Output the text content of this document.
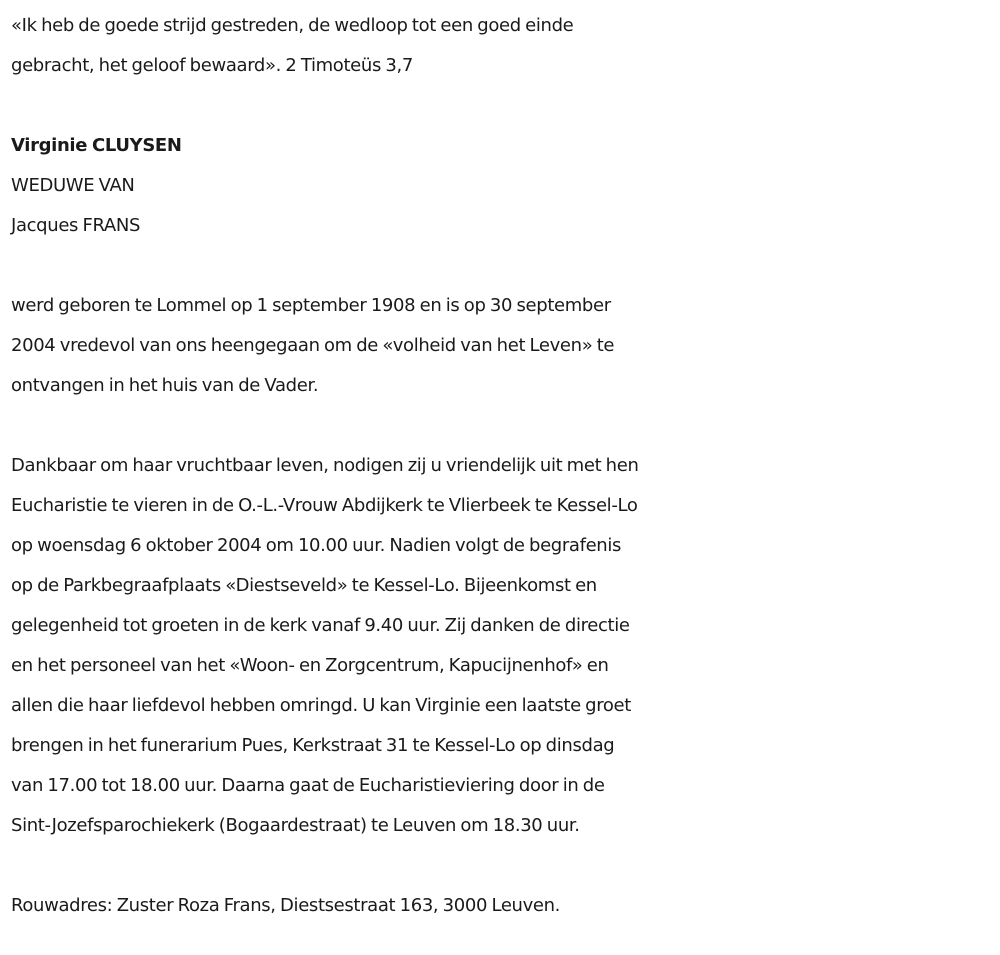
«Ik heb de goede strijd gestreden, de wedloop tot een goed einde
gebracht, het geloof bewaard». 2 Timoteüs 3,7
Virginie CLUYSEN
WEDUWE VAN
Jacques FRANS
werd geboren te Lommel op 1 september 1908 en is op 30 september
2004 vredevol van ons heengegaan om de «volheid van het Leven» te
ontvangen in het huis van de Vader.
Dankbaar om haar vruchtbaar leven, nodigen zij u vriendelijk uit met hen
Eucharistie te vieren in de O.-L.-Vrouw Abdijkerk te Vlierbeek te Kessel-Lo
op woensdag 6 oktober 2004 om 10.00 uur. Nadien volgt de begrafenis
op de Parkbegraafplaats «Diestseveld» te Kessel-Lo. Bijeenkomst en
gelegenheid tot groeten in de kerk vanaf 9.40 uur. Zij danken de directie
en het personeel van het «Woon- en Zorgcentrum, Kapucijnenhof» en
allen die haar liefdevol hebben omringd. U kan Virginie een laatste groet
brengen in het funerarium Pues, Kerkstraat 31 te Kessel-Lo op dinsdag
van 17.00 tot 18.00 uur. Daarna gaat de Eucharistieviering door in de
Sint-Jozefsparochiekerk (Bogaardestraat) te Leuven om 18.30 uur.
Rouwadres: Zuster Roza Frans, Diestsestraat 163, 3000 Leuven.
